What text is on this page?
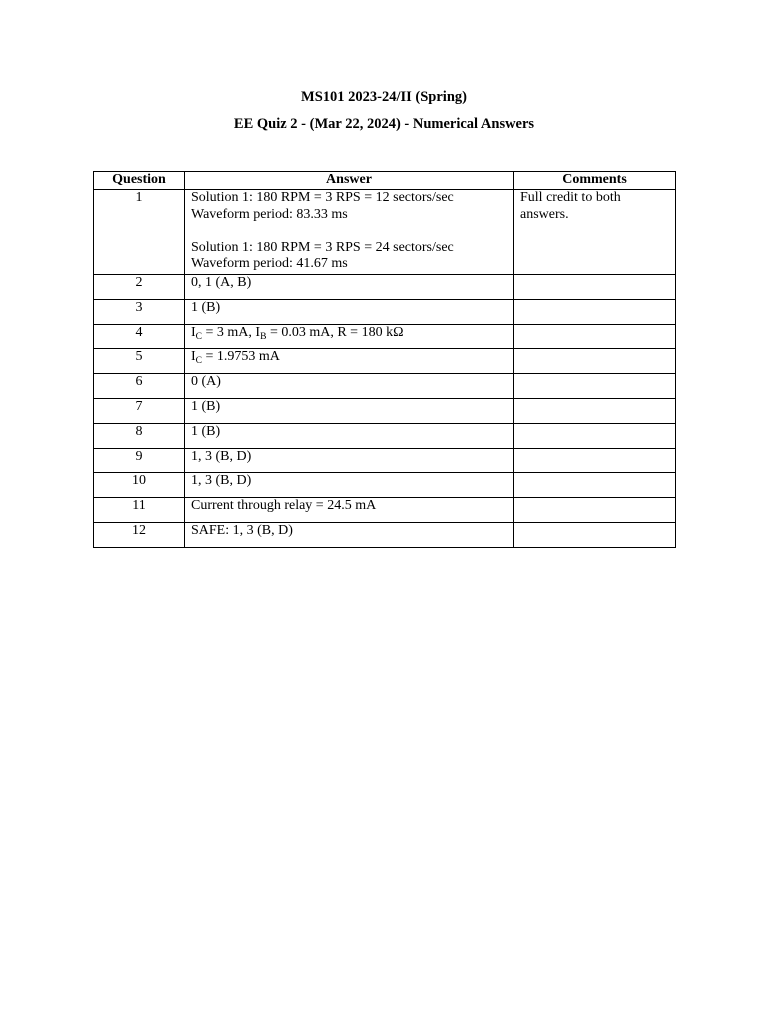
MS101 2023-24/II (Spring)
EE Quiz 2 - (Mar 22, 2024) - Numerical Answers
Question	Answer	Comments
1	Solution 1: 180 RPM = 3 RPS = 12 sectors/sec
Waveform period: 83.33 ms
Solution 1: 180 RPM = 3 RPS = 24 sectors/sec
Waveform period: 41.67 ms	Full credit to both answers.
2	0, 1 (A, B)	
3	1 (B)	
4	$I_C = 3$ mA, $I_B = 0.03$ mA, R = 180 kΩ	
5	$I_C = 1.9753$ mA	
6	0 (A)	
7	1 (B)	
8	1 (B)	
9	1, 3 (B, D)	
10	1, 3 (B, D)	
11	Current through relay = 24.5 mA	
12	SAFE: 1, 3 (B, D)	
